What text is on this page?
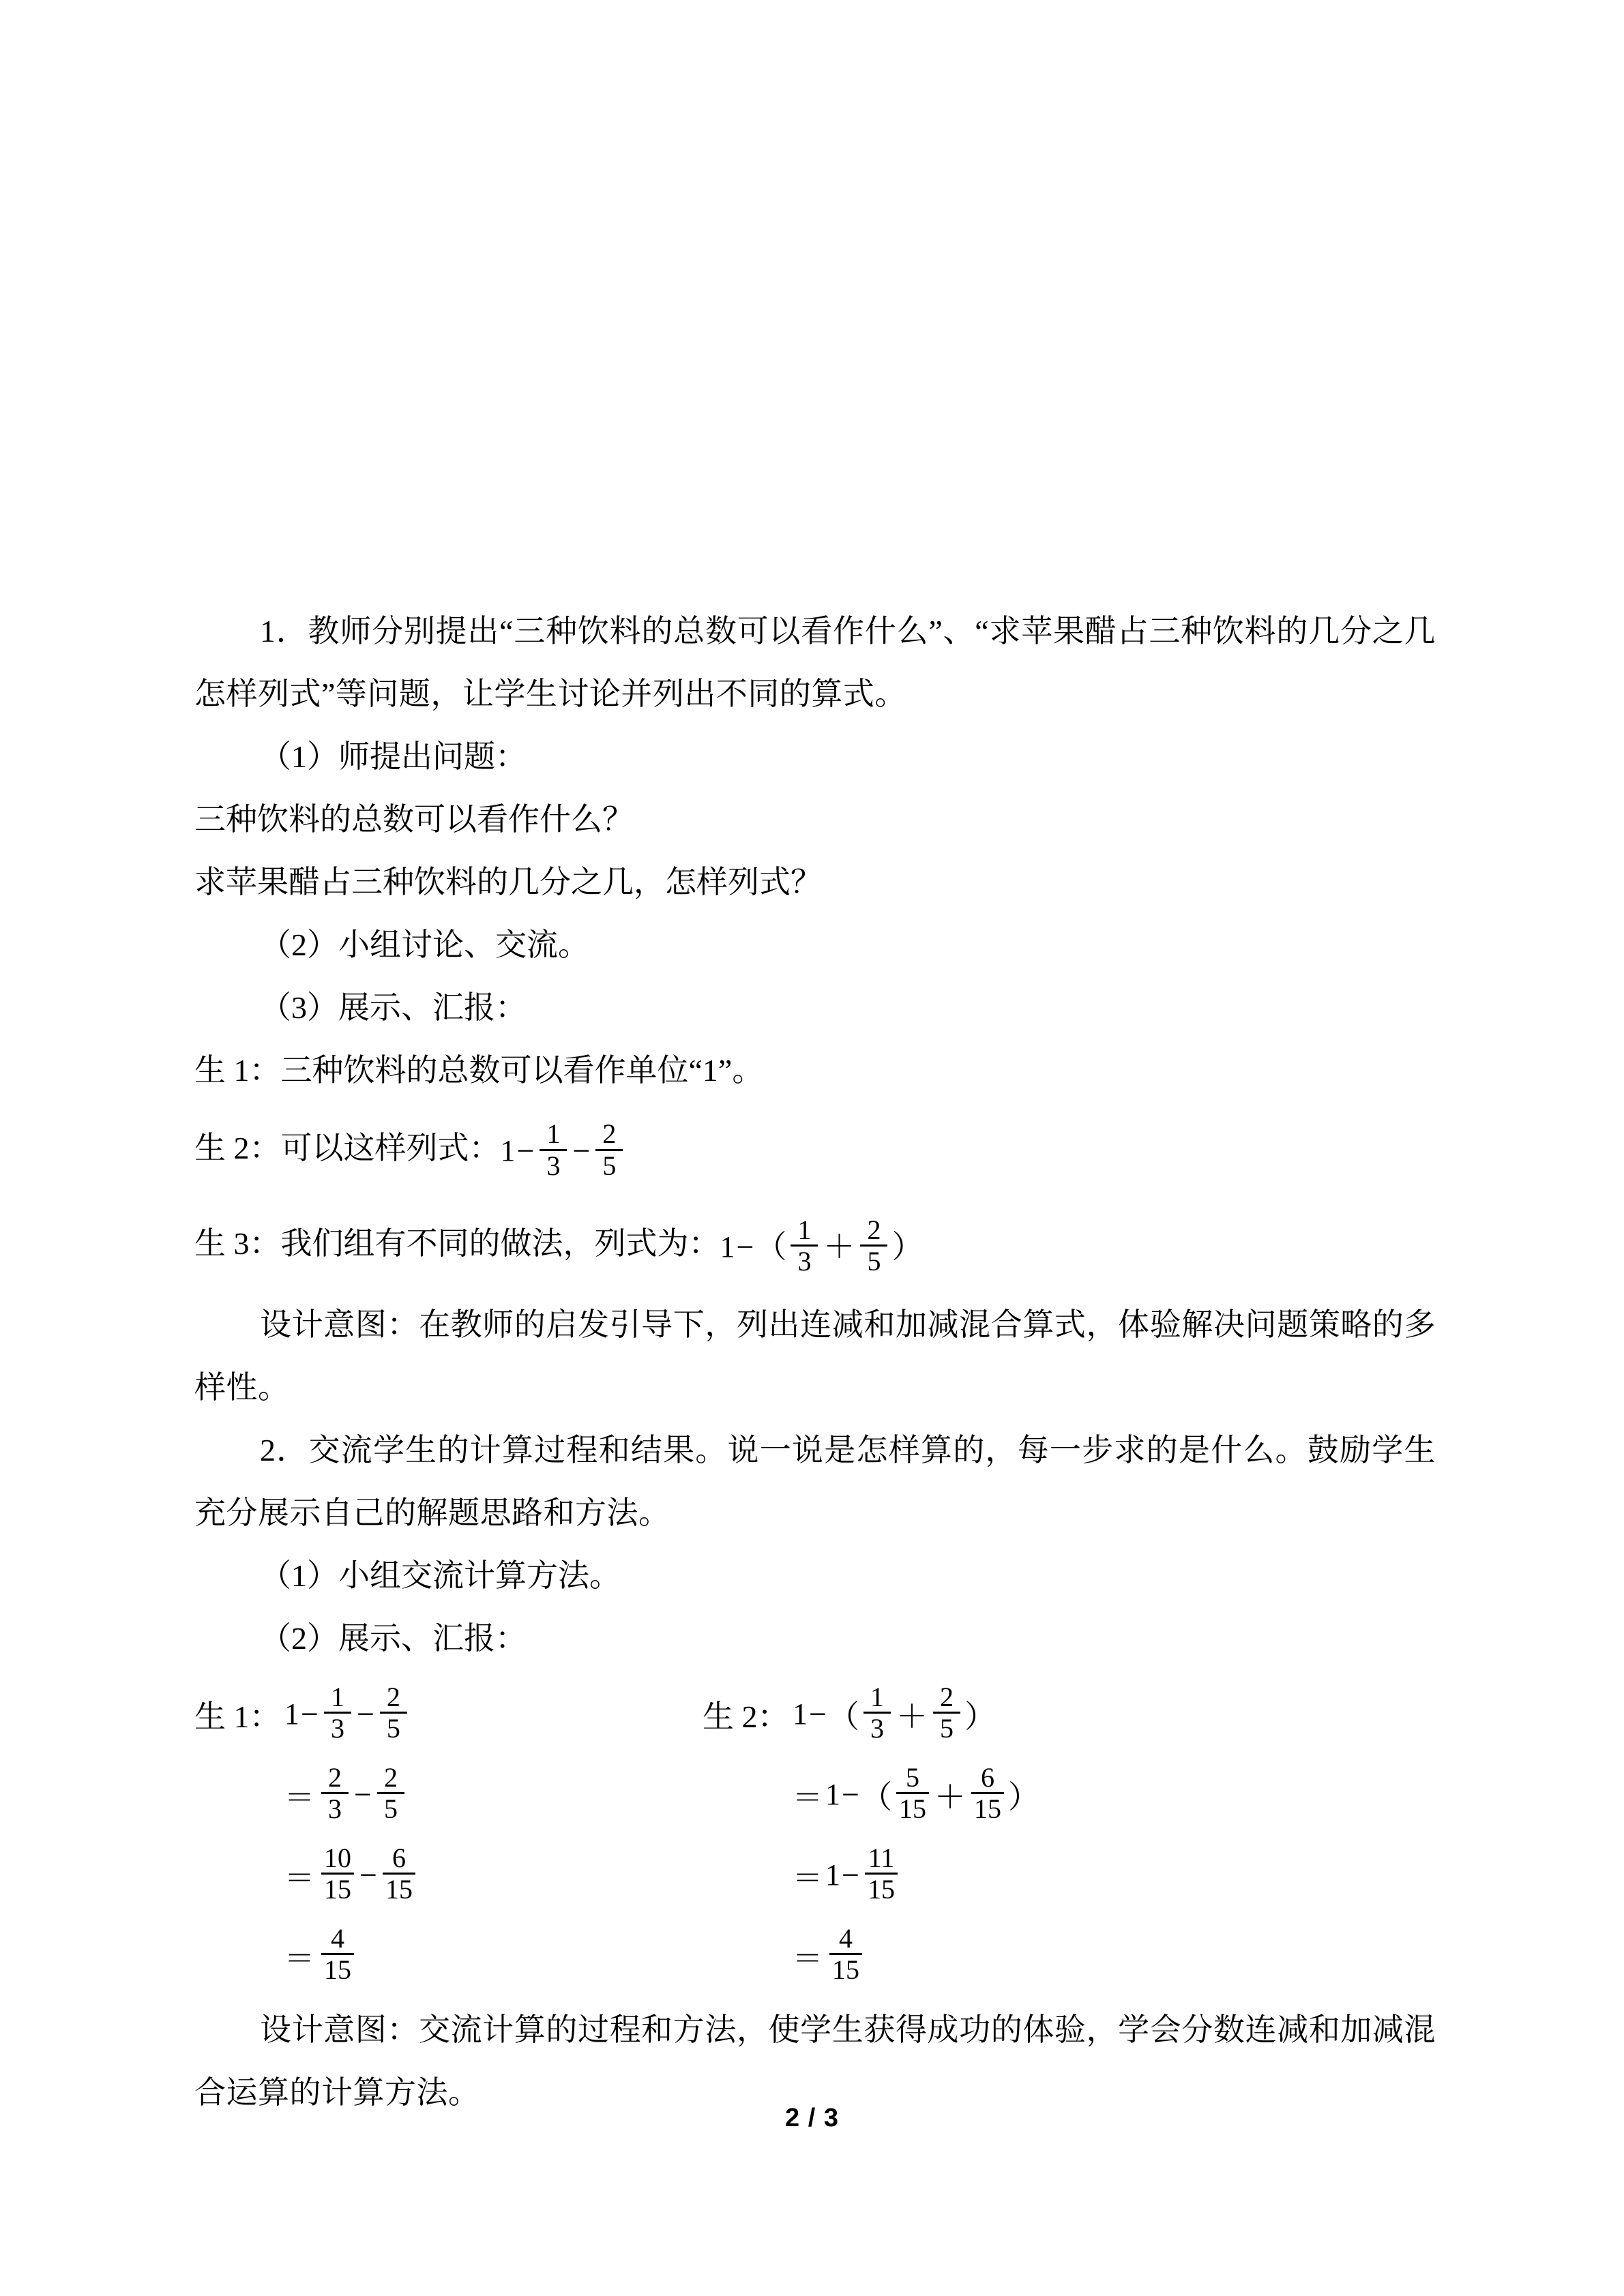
1．教师分别提出“三种饮料的总数可以看作什么”、“求苹果醋占三种饮料的几分之几怎样列式”等问题，让学生讨论并列出不同的算式。
（1）师提出问题：
三种饮料的总数可以看作什么？
求苹果醋占三种饮料的几分之几，怎样列式？
（2）小组讨论、交流。
（3）展示、汇报：
生 1：三种饮料的总数可以看作单位“1”。
生 2：可以这样列式：$1- \frac{1}{3} - \frac{2}{5}$
生 3：我们组有不同的做法，列式为：$1-( \frac{1}{3} + \frac{2}{5}$ ）
设计意图：在教师的启发引导下，列出连减和加减混合算式，体验解决问题策略的多样性。
2．交流学生的计算过程和结果。说一说是怎样算的，每一步求的是什么。鼓励学生充分展示自己的解题思路和方法。
（1）小组交流计算方法。
（2）展示、汇报：
生 1： $1 - \frac{1}{3} - \frac{2}{5}$
＝ $\frac{2}{3} - \frac{2}{5}$
＝ $\frac{10}{15} - \frac{6}{15}$
＝ $\frac{4}{15}$
生 2： 1 − （ $\frac{1}{3} + \frac{2}{5}$ ）
＝ 1 − （ $\frac{5}{15} + \frac{6}{15}$ ）
＝ $1 - \frac{11}{15}$
＝ $\frac{4}{15}$
设计意图：交流计算的过程和方法，使学生获得成功的体验，学会分数连减和加减混合运算的计算方法。
2 / 3
